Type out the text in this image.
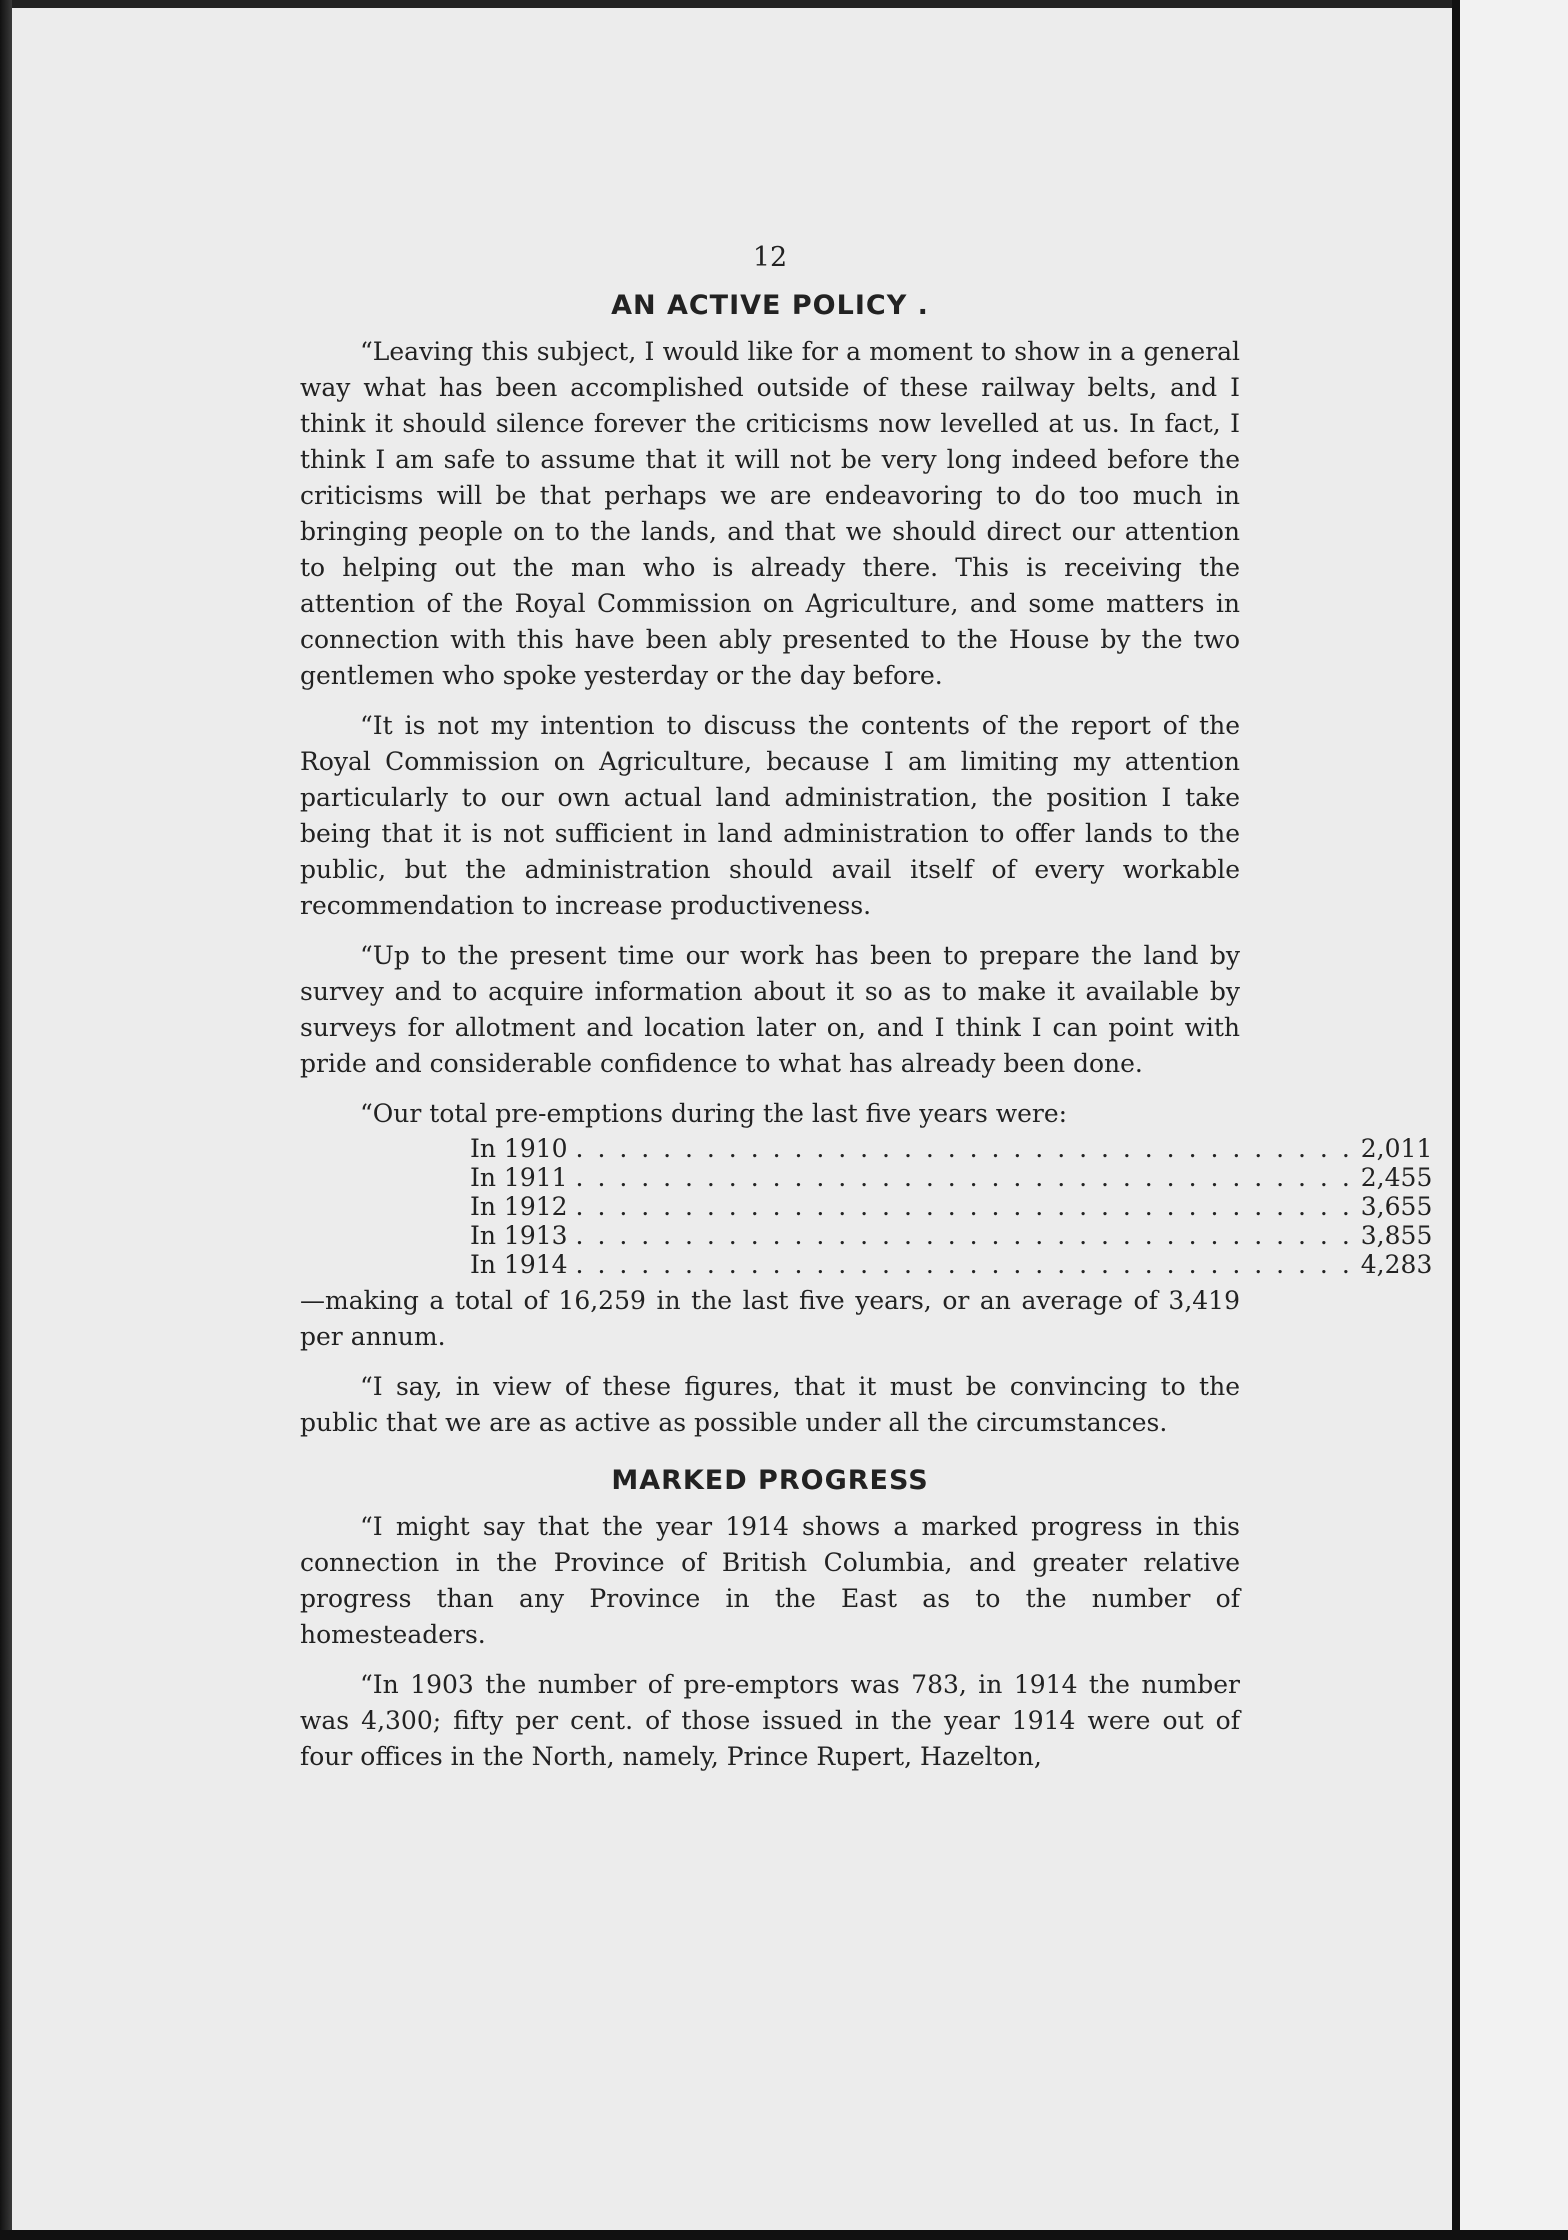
12
AN ACTIVE POLICY .

“Leaving this subject, I would like for a moment to show in a general way what has been accomplished outside of these railway belts, and I think it should silence forever the criticisms now levelled at us. In fact, I think I am safe to assume that it will not be very long indeed before the criticisms will be that perhaps we are endeavoring to do too much in bringing people on to the lands, and that we should direct our attention to helping out the man who is already there. This is receiving the attention of the Royal Commission on Agriculture, and some matters in connection with this have been ably presented to the House by the two gentlemen who spoke yesterday or the day before.

“It is not my intention to discuss the contents of the report of the Royal Commission on Agriculture, because I am limiting my attention particularly to our own actual land administration, the position I take being that it is not sufficient in land administration to offer lands to the public, but the administration should avail itself of every workable recommendation to increase productiveness.

“Up to the present time our work has been to prepare the land by survey and to acquire information about it so as to make it available by surveys for allotment and location later on, and I think I can point with pride and considerable confidence to what has already been done.

“Our total pre-emptions during the last five years were:

In 1910 . . . . . . . . . . . . . . . . . . . . . . . . . . . . . . . . . . . . 2,011
In 1911 . . . . . . . . . . . . . . . . . . . . . . . . . . . . . . . . . . . . 2,455
In 1912 . . . . . . . . . . . . . . . . . . . . . . . . . . . . . . . . . . . . 3,655
In 1913 . . . . . . . . . . . . . . . . . . . . . . . . . . . . . . . . . . . . 3,855
In 1914 . . . . . . . . . . . . . . . . . . . . . . . . . . . . . . . . . . . . 4,283

—making a total of 16,259 in the last five years, or an average of 3,419 per annum.

“I say, in view of these figures, that it must be convincing to the public that we are as active as possible under all the circumstances.

MARKED PROGRESS

“I might say that the year 1914 shows a marked progress in this connection in the Province of British Columbia, and greater relative progress than any Province in the East as to the number of homesteaders.

“In 1903 the number of pre-emptors was 783, in 1914 the number was 4,300; fifty per cent. of those issued in the year 1914 were out of four offices in the North, namely, Prince Rupert, Hazelton,
